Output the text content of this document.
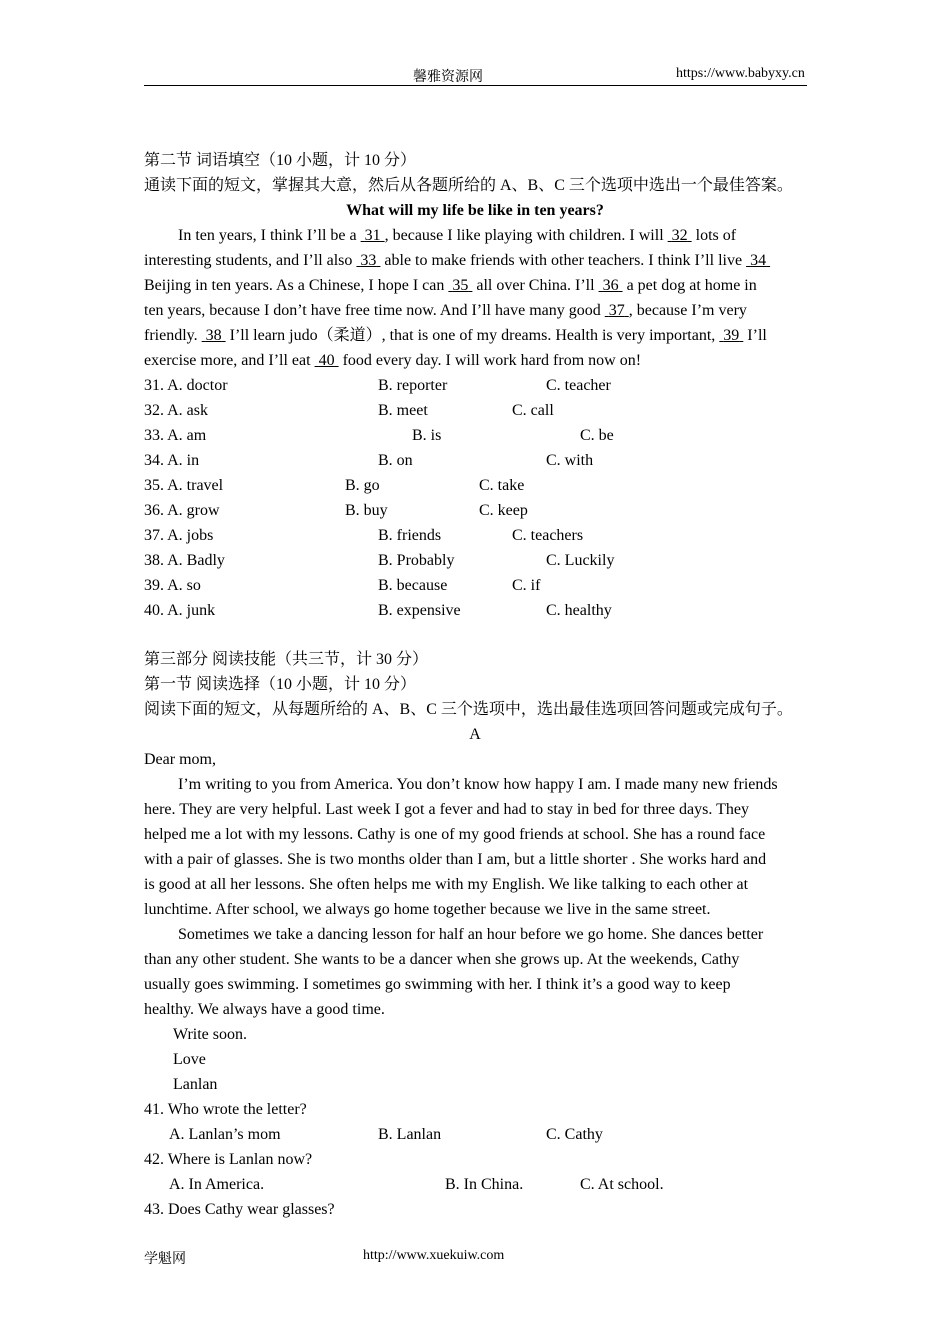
馨雅资源网	https://www.babyxy.cn
第二节 词语填空（10 小题，计 10 分）
通读下面的短文，掌握其大意，然后从各题所给的 A、B、C 三个选项中选出一个最佳答案。
What will my life be like in ten years?
In ten years, I think I’ll be a  31 , because I like playing with children. I will  32  lots of
interesting students, and I’ll also  33  able to make friends with other teachers. I think I’ll live  34
Beijing in ten years. As a Chinese, I hope I can  35  all over China. I’ll  36  a pet dog at home in
ten years, because I don’t have free time now. And I’ll have many good  37 , because I’m very
friendly.  38  I’ll learn judo（柔道）, that is one of my dreams. Health is very important,  39  I’ll
exercise more, and I’ll eat  40  food every day. I will work hard from now on!
31. A. doctor	B. reporter	C. teacher
32. A. ask	B. meet	C. call
33. A. am	B. is	C. be
34. A. in	B. on	C. with
35. A. travel	B. go	C. take
36. A. grow	B. buy	C. keep
37. A. jobs	B. friends	C. teachers
38. A. Badly	B. Probably	C. Luckily
39. A. so	B. because	C. if
40. A. junk	B. expensive	C. healthy
第三部分 阅读技能（共三节，计 30 分）
第一节 阅读选择（10 小题，计 10 分）
阅读下面的短文，从每题所给的 A、B、C 三个选项中，选出最佳选项回答问题或完成句子。
A
Dear mom,
I’m writing to you from America. You don’t know how happy I am. I made many new friends
here. They are very helpful. Last week I got a fever and had to stay in bed for three days. They
helped me a lot with my lessons. Cathy is one of my good friends at school. She has a round face
with a pair of glasses. She is two months older than I am, but a little shorter . She works hard and
is good at all her lessons. She often helps me with my English. We like talking to each other at
lunchtime. After school, we always go home together because we live in the same street.
Sometimes we take a dancing lesson for half an hour before we go home. She dances better
than any other student. She wants to be a dancer when she grows up. At the weekends, Cathy
usually goes swimming. I sometimes go swimming with her. I think it’s a good way to keep
healthy. We always have a good time.
Write soon.
Love
Lanlan
41. Who wrote the letter?
A. Lanlan’s mom	B. Lanlan	C. Cathy
42. Where is Lanlan now?
A. In America.	B. In China.	C. At school.
43. Does Cathy wear glasses?
学魁网	http://www.xuekuiw.com
